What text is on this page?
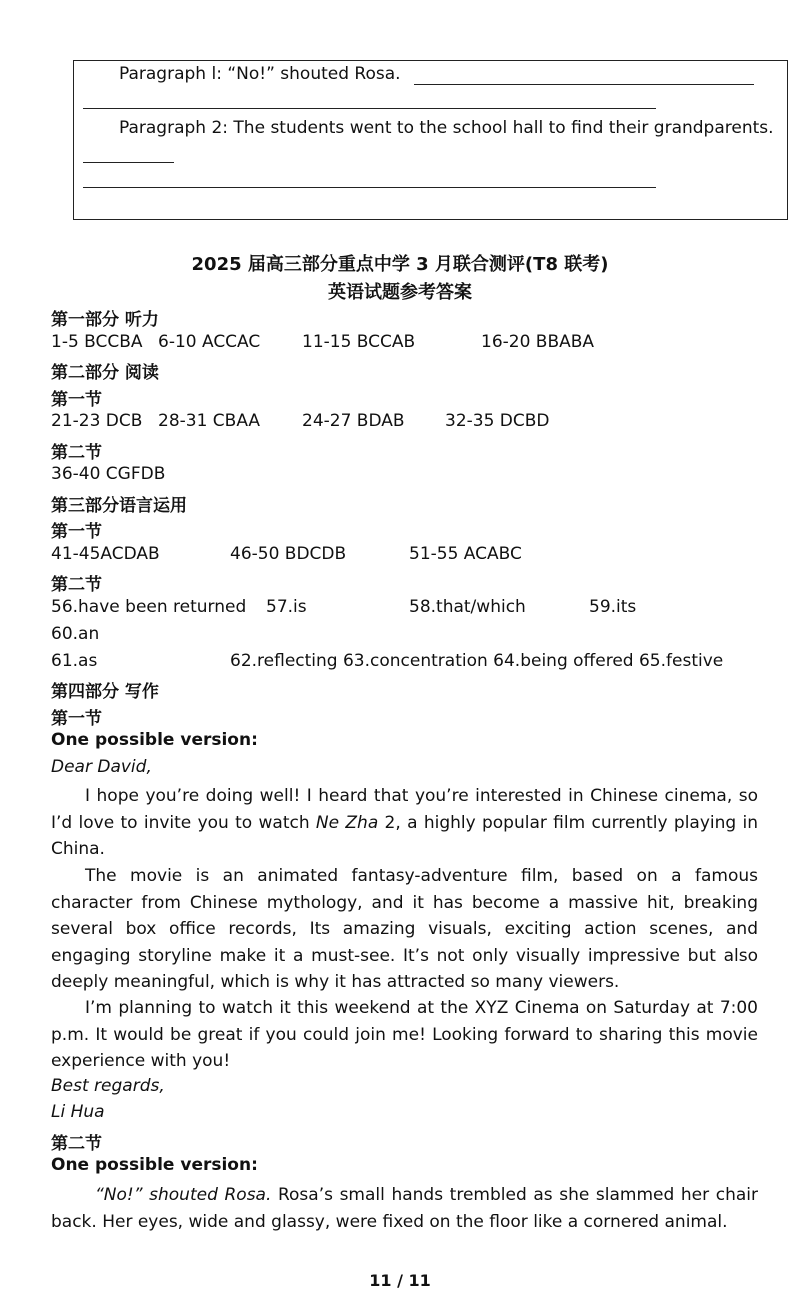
Paragraph l: “No!” shouted Rosa.
Paragraph 2: The students went to the school hall to find their grandparents.
2025 届高三部分重点中学 3 月联合测评(T8 联考)
英语试题参考答案
第一部分 听力
1-5 BCCBA 6-10 ACCAC 11-15 BCCAB	16-20 BBABA
第二部分 阅读
第一节
21-23 DCB 28-31 CBAA 24-27 BDAB 32-35 DCBD
第二节
36-40 CGFDB
第三部分语言运用
第一节
41-45ACDAB	46-50 BDCDB	51-55 ACABC
第二节
56.have been returned 57.is	58.that/which	59.its
60.an
61.as	62.reflecting 63.concentration 64.being offered 65.festive
第四部分 写作
第一节
One possible version:
Dear David,
I hope you’re doing well! I heard that you’re interested in Chinese cinema, so I’d love to invite you to watch Ne Zha 2, a highly popular film currently playing in China.
The movie is an animated fantasy-adventure film, based on a famous character from Chinese mythology, and it has become a massive hit, breaking several box office records, Its amazing visuals, exciting action scenes, and engaging storyline make it a must-see. It’s not only visually impressive but also deeply meaningful, which is why it has attracted so many viewers.
I’m planning to watch it this weekend at the XYZ Cinema on Saturday at 7:00 p.m. It would be great if you could join me! Looking forward to sharing this movie experience with you!
Best regards,
Li Hua
第二节
One possible version:
“No!” shouted Rosa. Rosa’s small hands trembled as she slammed her chair back. Her eyes, wide and glassy, were fixed on the floor like a cornered animal.
11 / 11
